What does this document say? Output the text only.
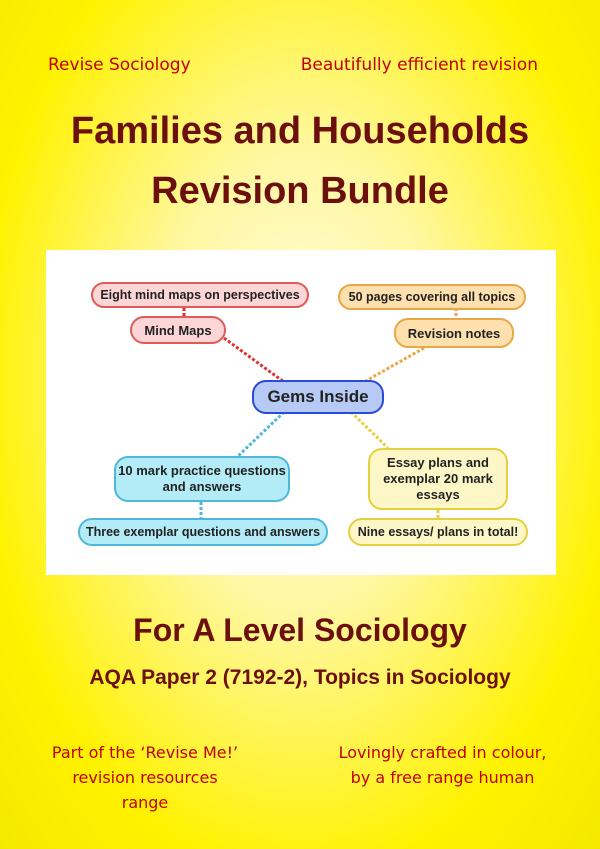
Revise Sociology	Beautifully efficient revision
Families and Households
Revision Bundle
Eight mind maps on perspectives
Mind Maps
50 pages covering all topics
Revision notes
Gems Inside
10 mark practice questions and answers
Three exemplar questions and answers
Essay plans and exemplar 20 mark essays
Nine essays/ plans in total!
For A Level Sociology
AQA Paper 2 (7192-2), Topics in Sociology
Part of the ‘Revise Me!’
revision resources range
Lovingly crafted in colour,
by a free range human
